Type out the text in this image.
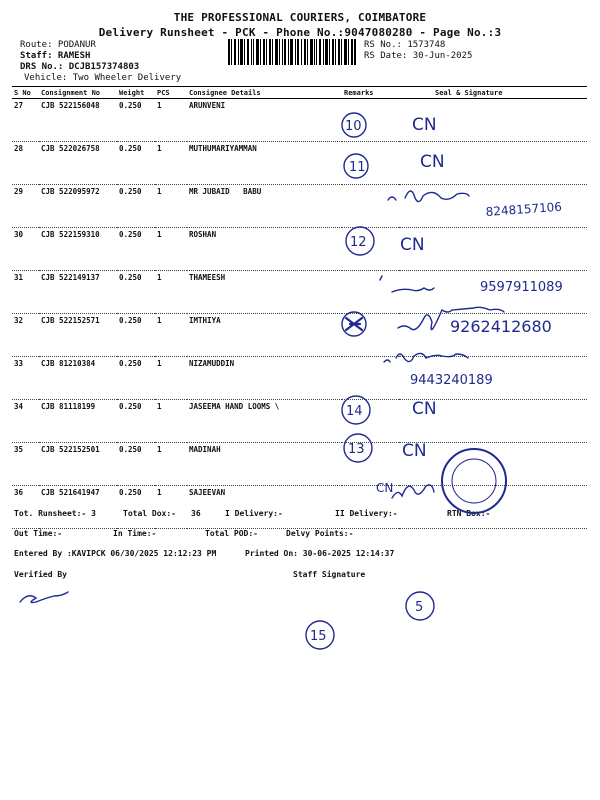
THE PROFESSIONAL COURIERS, COIMBATORE
Delivery Runsheet - PCK - Phone No.:9047080280 - Page No.:3
Route: PODANUR
Staff: RAMESH
DRS No.: DCJB157374803
Vehicle: Two Wheeler Delivery
RS No.: 1573748
RS Date: 30-Jun-2025
S No	Consignment No	Weight	PCS	Consignee Details	Remarks	Seal & Signature
27	CJB 522156048	0.250	1	ARUNVENI		
28	CJB 522026758	0.250	1	MUTHUMARIYAMMAN		
29	CJB 522095972	0.250	1	MR JUBAID   BABU		
30	CJB 522159310	0.250	1	ROSHAN		
31	CJB 522149137	0.250	1	THAMEESH		
32	CJB 522152571	0.250	1	IMTHIYA		
33	CJB 81210384	0.250	1	NIZAMUDDIN		
34	CJB 81118199	0.250	1	JASEEMA HAND LOOMS \		
35	CJB 522152501	0.250	1	MADINAH		
36	CJB 521641947	0.250	1	SAJEEVAN		
Tot. Runsheet:- 3	Total Dox:- 36	I Delivery:-	II Delivery:-	RTN Box:-
Out Time:-	In Time:-	Total POD:-	Delvy Points:-
Entered By :KAVIPCK 06/30/2025 12:12:23 PM	Printed On: 30-06-2025 12:14:37
Verified By	Staff Signature
10	CN
11	CN
8248157106
12 CN
9597911089
9262412680
9443240189
14	CN
13 CN
CN
15
5
